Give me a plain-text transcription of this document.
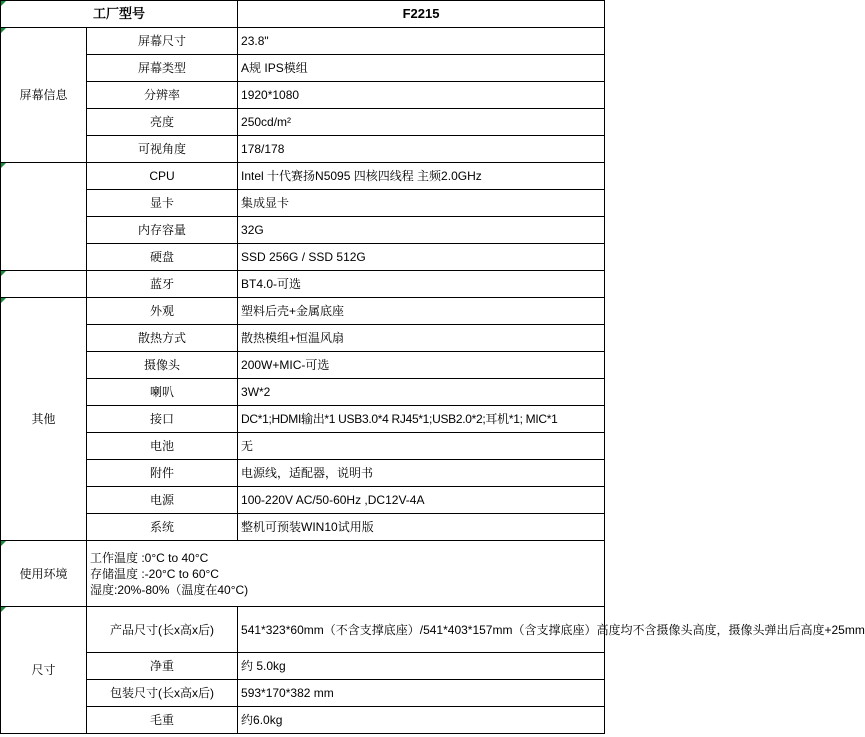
工厂型号		F2215
屏幕信息	屏幕尺寸	23.8"
	屏幕类型	A规 IPS模组
	分辨率	1920*1080
	亮度	250cd/m²
	可视角度	178/178
	CPU	Intel 十代赛扬N5095 四核四线程 主频2.0GHz
	显卡	集成显卡
	内存容量	32G
	硬盘	SSD 256G / SSD 512G
	蓝牙	BT4.0-可选
其他	外观	塑料后壳+金属底座
	散热方式	散热模组+恒温风扇
	摄像头	200W+MIC-可选
	喇叭	3W*2
	接口	DC*1;HDMI输出*1 USB3.0*4 RJ45*1;USB2.0*2;耳机*1; MIC*1
	电池	无
	附件	电源线，适配器，说明书
	电源	100-220V AC/50-60Hz ,DC12V-4A
	系统	整机可预装WIN10试用版
使用环境	工作温度 :0°C to 40°C
存储温度 :-20°C to 60°C
湿度:20%-80%（温度在40°C)	

尺寸	产品尺寸(长x高x后)	541*323*60mm（不含支撑底座）/541*403*157mm（含支撑底座）高度均不含摄像头高度，摄像头弹出后高度+25mm
	净重	约 5.0kg
	包装尺寸(长x高x后)	593*170*382 mm
	毛重	约6.0kg
